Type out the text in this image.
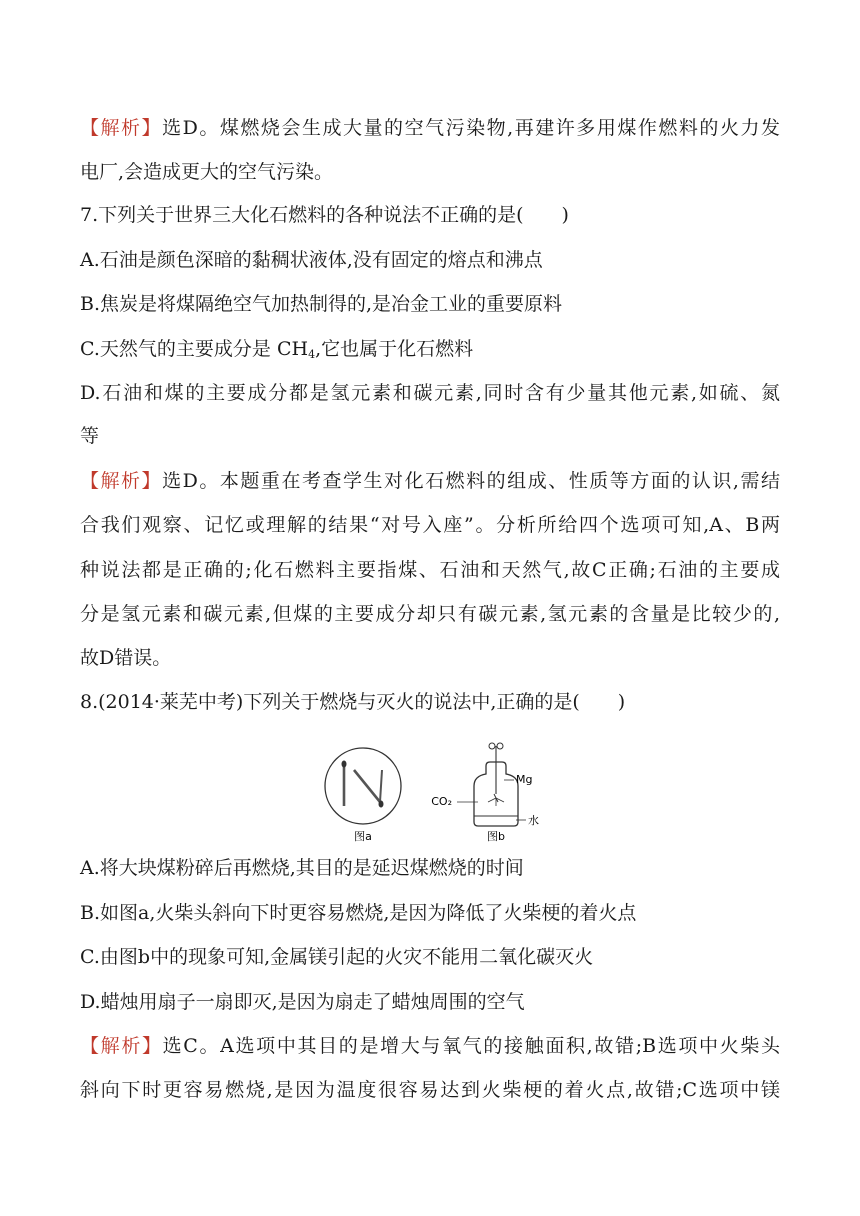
【解析】选D。煤燃烧会生成大量的空气污染物,再建许多用煤作燃料的火力发
电厂,会造成更大的空气污染。
7.下列关于世界三大化石燃料的各种说法不正确的是(　　)
A.石油是颜色深暗的黏稠状液体,没有固定的熔点和沸点
B.焦炭是将煤隔绝空气加热制得的,是冶金工业的重要原料
C.天然气的主要成分是 $CH_4$,它也属于化石燃料
D.石油和煤的主要成分都是氢元素和碳元素,同时含有少量其他元素,如硫、氮
等
【解析】选D。本题重在考查学生对化石燃料的组成、性质等方面的认识,需结
合我们观察、记忆或理解的结果“对号入座”。分析所给四个选项可知,A、B两
种说法都是正确的;化石燃料主要指煤、石油和天然气,故C正确;石油的主要成
分是氢元素和碳元素,但煤的主要成分却只有碳元素,氢元素的含量是比较少的,
故D错误。
8.(2014·莱芜中考)下列关于燃烧与灭火的说法中,正确的是(　　)
图a
CO₂
Mg
水
图b
A.将大块煤粉碎后再燃烧,其目的是延迟煤燃烧的时间
B.如图a,火柴头斜向下时更容易燃烧,是因为降低了火柴梗的着火点
C.由图b中的现象可知,金属镁引起的火灾不能用二氧化碳灭火
D.蜡烛用扇子一扇即灭,是因为扇走了蜡烛周围的空气
【解析】选C。A选项中其目的是增大与氧气的接触面积,故错;B选项中火柴头
斜向下时更容易燃烧,是因为温度很容易达到火柴梗的着火点,故错;C选项中镁
